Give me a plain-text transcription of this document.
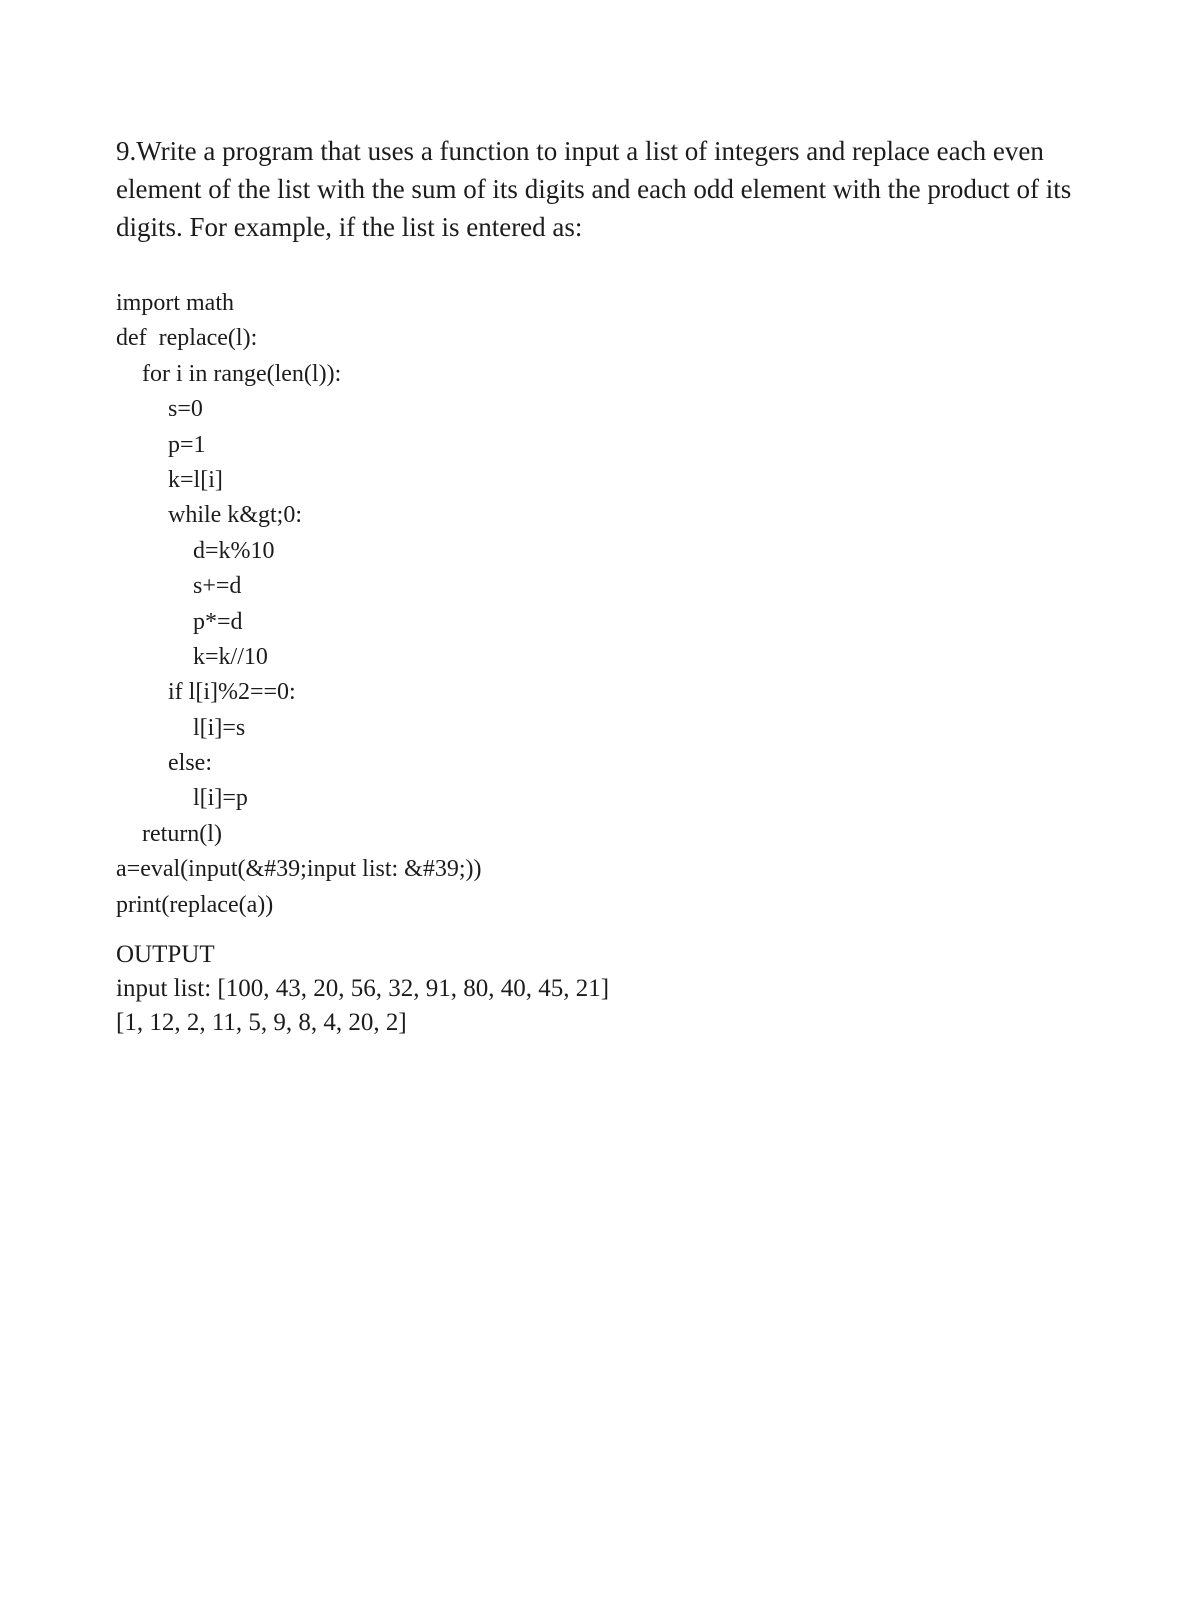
9.Write a program that uses a function to input a list of integers and replace each even element of the list with the sum of its digits and each odd element with the product of its digits. For example, if the list is entered as:

import math
def  replace(l):
for i in range(len(l)):
s=0
p=1
k=l[i]
while k&gt;0:
d=k%10
s+=d
p*=d
k=k//10
if l[i]%2==0:
l[i]=s
else:
l[i]=p
return(l)
a=eval(input(&#39;input list: &#39;))
print(replace(a))
OUTPUT
input list: [100, 43, 20, 56, 32, 91, 80, 40, 45, 21]
[1, 12, 2, 11, 5, 9, 8, 4, 20, 2]
